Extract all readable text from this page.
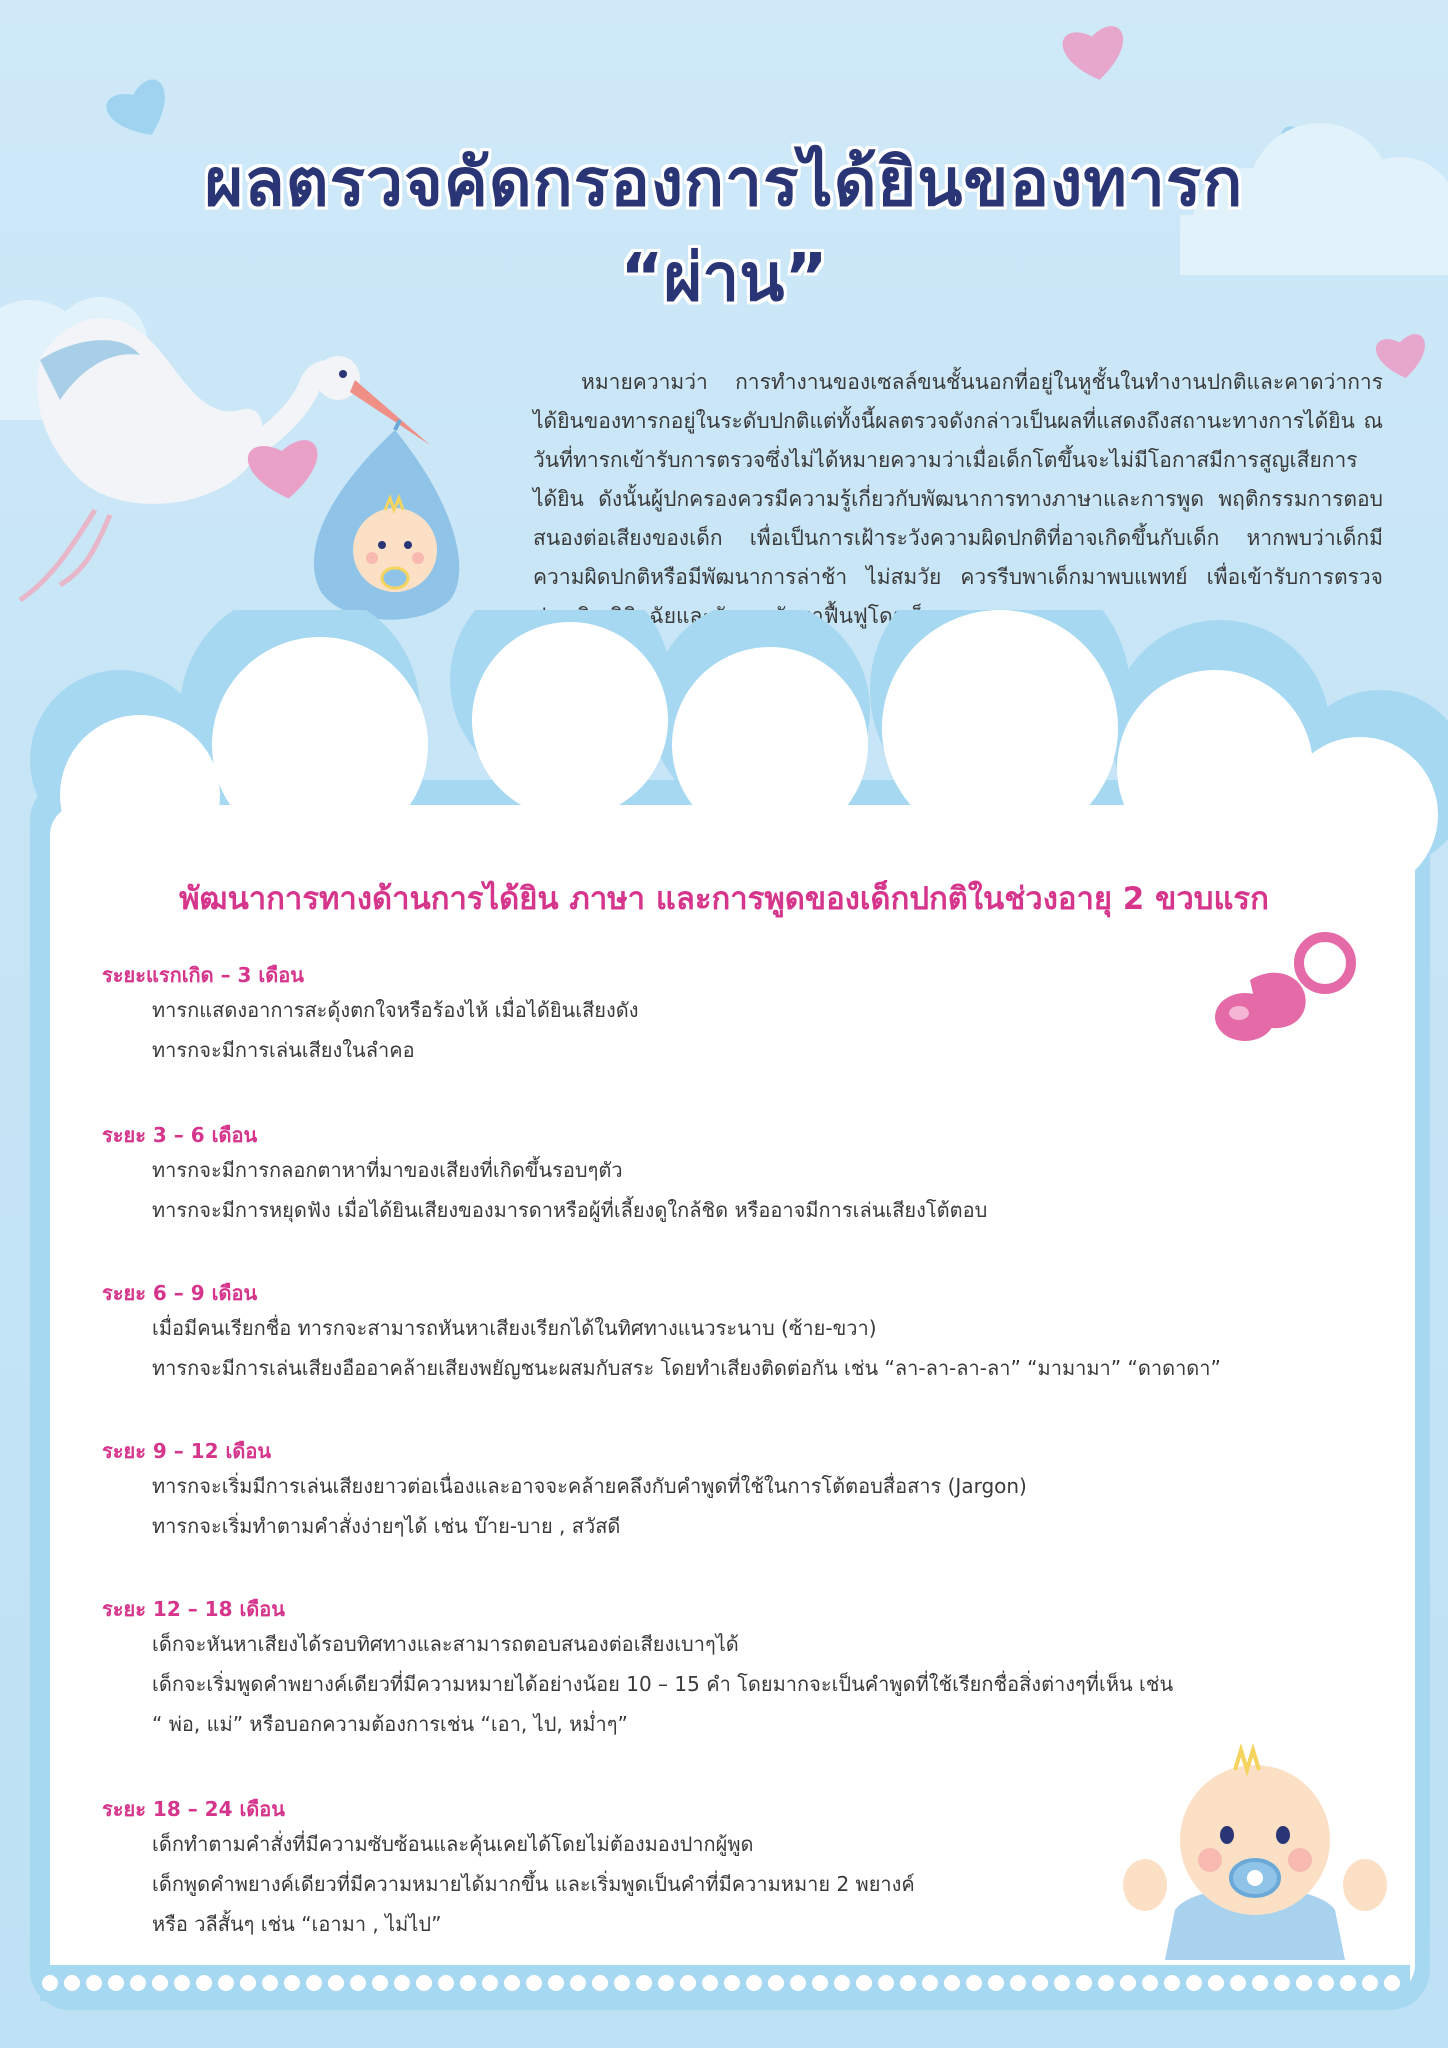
ผลตรวจคัดกรองการได้ยินของทารก
“ผ่าน”
หมายความว่า การทำงานของเซลล์ขนชั้นนอกที่อยู่ในหูชั้นในทำงานปกติและคาดว่าการได้ยินของทารกอยู่ในระดับปกติแต่ทั้งนี้ผลตรวจดังกล่าวเป็นผลที่แสดงถึงสถานะทางการได้ยิน ณ วันที่ทารกเข้ารับการตรวจซึ่งไม่ได้หมายความว่าเมื่อเด็กโตขึ้นจะไม่มีโอกาสมีการสูญเสียการได้ยิน ดังนั้นผู้ปกครองควรมีความรู้เกี่ยวกับพัฒนาการทางภาษาและการพูด พฤติกรรมการตอบสนองต่อเสียงของเด็ก เพื่อเป็นการเฝ้าระวังความผิดปกติที่อาจเกิดขึ้นกับเด็ก หากพบว่าเด็กมีความผิดปกติหรือมีพัฒนาการล่าช้า ไม่สมวัย ควรรีบพาเด็กมาพบแพทย์ เพื่อเข้ารับการตรวจ
พัฒนาการทางด้านการได้ยิน ภาษา และการพูดของเด็กปกติในช่วงอายุ 2 ขวบแรก
ระยะแรกเกิด – 3 เดือน

ทารกแสดงอาการสะดุ้งตกใจหรือร้องไห้ เมื่อได้ยินเสียงดัง

ทารกจะมีการเล่นเสียงในลำคอ

ระยะ 3 – 6 เดือน

ทารกจะมีการกลอกตาหาที่มาของเสียงที่เกิดขึ้นรอบๆตัว

ทารกจะมีการหยุดฟัง เมื่อได้ยินเสียงของมารดาหรือผู้ที่เลี้ยงดูใกล้ชิด หรืออาจมีการเล่นเสียงโต้ตอบ

ระยะ 6 – 9 เดือน

เมื่อมีคนเรียกชื่อ ทารกจะสามารถหันหาเสียงเรียกได้ในทิศทางแนวระนาบ (ซ้าย-ขวา)

ทารกจะมีการเล่นเสียงอืออาคล้ายเสียงพยัญชนะผสมกับสระ โดยทำเสียงติดต่อกัน เช่น “ลา-ลา-ลา-ลา” “มามามา” “ดาดาดา”

ระยะ 9 – 12 เดือน

ทารกจะเริ่มมีการเล่นเสียงยาวต่อเนื่องและอาจจะคล้ายคลึงกับคำพูดที่ใช้ในการโต้ตอบสื่อสาร (Jargon)

ทารกจะเริ่มทำตามคำสั่งง่ายๆได้ เช่น บ๊าย-บาย , สวัสดี

ระยะ 12 – 18 เดือน

เด็กจะหันหาเสียงได้รอบทิศทางและสามารถตอบสนองต่อเสียงเบาๆได้

เด็กจะเริ่มพูดคำพยางค์เดียวที่มีความหมายได้อย่างน้อย 10 – 15 คำ โดยมากจะเป็นคำพูดที่ใช้เรียกชื่อสิ่งต่างๆที่เห็น เช่น

“ พ่อ, แม่” หรือบอกความต้องการเช่น “เอา, ไป, หม่ำๆ”

ระยะ 18 – 24 เดือน

เด็กทำตามคำสั่งที่มีความซับซ้อนและคุ้นเคยได้โดยไม่ต้องมองปากผู้พูด

เด็กพูดคำพยางค์เดียวที่มีความหมายได้มากขึ้น และเริ่มพูดเป็นคำที่มีความหมาย 2 พยางค์

หรือ วลีสั้นๆ เช่น “เอามา , ไม่ไป”
